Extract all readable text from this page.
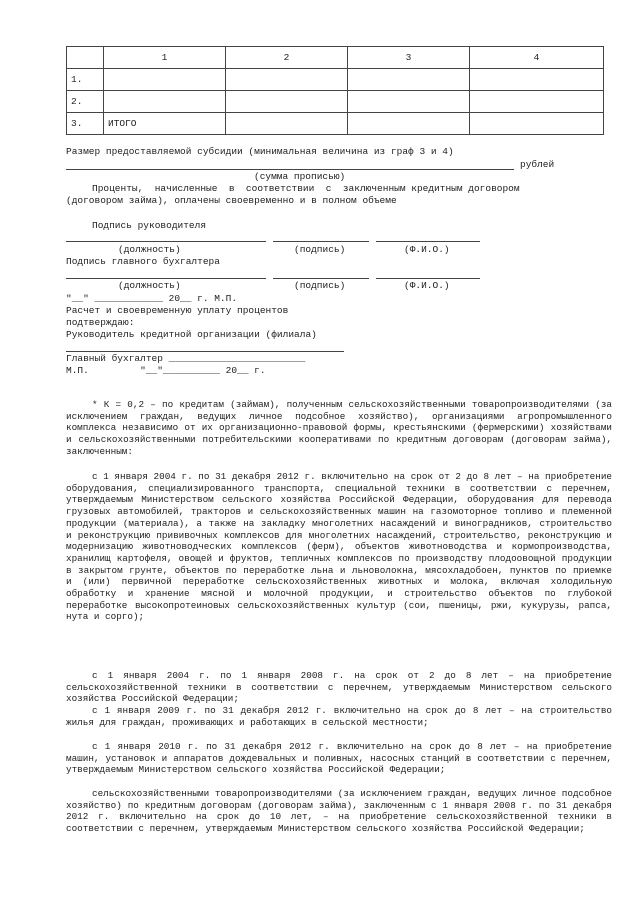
	1	2	3	4
1.				
2.				
3.	ИТОГО			
Размер предоставляемой субсидии (минимальная величина из граф 3 и 4)
рублей
(сумма прописью)
Проценты,  начисленные  в  соответствии  с  заключенным кредитным договором
(договором займа), оплачены своевременно и в полном объеме
Подпись руководителя
(должность)	(подпись)	(Ф.И.О.)
Подпись главного бухгалтера
(должность)	(подпись)	(Ф.И.О.)
"__" ____________ 20__ г. М.П.
Расчет и своевременную уплату процентов
подтверждаю:
Руководитель кредитной организации (филиала)
Главный бухгалтер ________________________
М.П.         "__"__________ 20__ г.
* К = 0,2 – по кредитам (займам), полученным сельскохозяйственными товаропроизводителями (за исключением граждан, ведущих личное подсобное хозяйство), организациями агропромышленного комплекса независимо от их организационно-правовой формы, крестьянскими (фермерскими) хозяйствами и сельскохозяйственными потребительскими кооперативами по кредитным договорам (договорам займа), заключенным:
с 1 января 2004 г. по 31 декабря 2012 г. включительно на срок от 2 до 8 лет – на приобретение оборудования, специализированного транспорта, специальной техники в соответствии с перечнем, утверждаемым Министерством сельского хозяйства Российской Федерации, оборудования для перевода грузовых автомобилей, тракторов и сельскохозяйственных машин на газомоторное топливо и племенной продукции (материала), а также на закладку многолетних насаждений и виноградников, строительство и реконструкцию прививочных комплексов для многолетних насаждений, строительство, реконструкцию и модернизацию животноводческих комплексов (ферм), объектов животноводства и кормопроизводства, хранилищ картофеля, овощей и фруктов, тепличных комплексов по производству плодоовощной продукции в закрытом грунте, объектов по переработке льна и льноволокна, мясохладобоен, пунктов по приемке и (или) первичной переработке сельскохозяйственных животных и молока, включая холодильную обработку и хранение мясной и молочной продукции, и строительство объектов по глубокой переработке высокопротеиновых сельскохозяйственных культур (сои, пшеницы, ржи, кукурузы, рапса, нута и сорго);
с 1 января 2004 г. по 1 января 2008 г. на срок от 2 до 8 лет – на приобретение сельскохозяйственной техники в соответствии с перечнем, утверждаемым Министерством сельского хозяйства Российской Федерации;
с 1 января 2009 г. по 31 декабря 2012 г. включительно на срок до 8 лет – на строительство жилья для граждан, проживающих и работающих в сельской местности;
с 1 января 2010 г. по 31 декабря 2012 г. включительно на срок до 8 лет – на приобретение машин, установок и аппаратов дождевальных и поливных, насосных станций в соответствии с перечнем, утверждаемым Министерством сельского хозяйства Российской Федерации;
сельскохозяйственными товаропроизводителями (за исключением граждан, ведущих личное подсобное хозяйство) по кредитным договорам (договорам займа), заключенным с 1 января 2008 г. по 31 декабря 2012 г. включительно на срок до 10 лет, – на приобретение сельскохозяйственной техники в соответствии с перечнем, утверждаемым Министерством сельского хозяйства Российской Федерации;
